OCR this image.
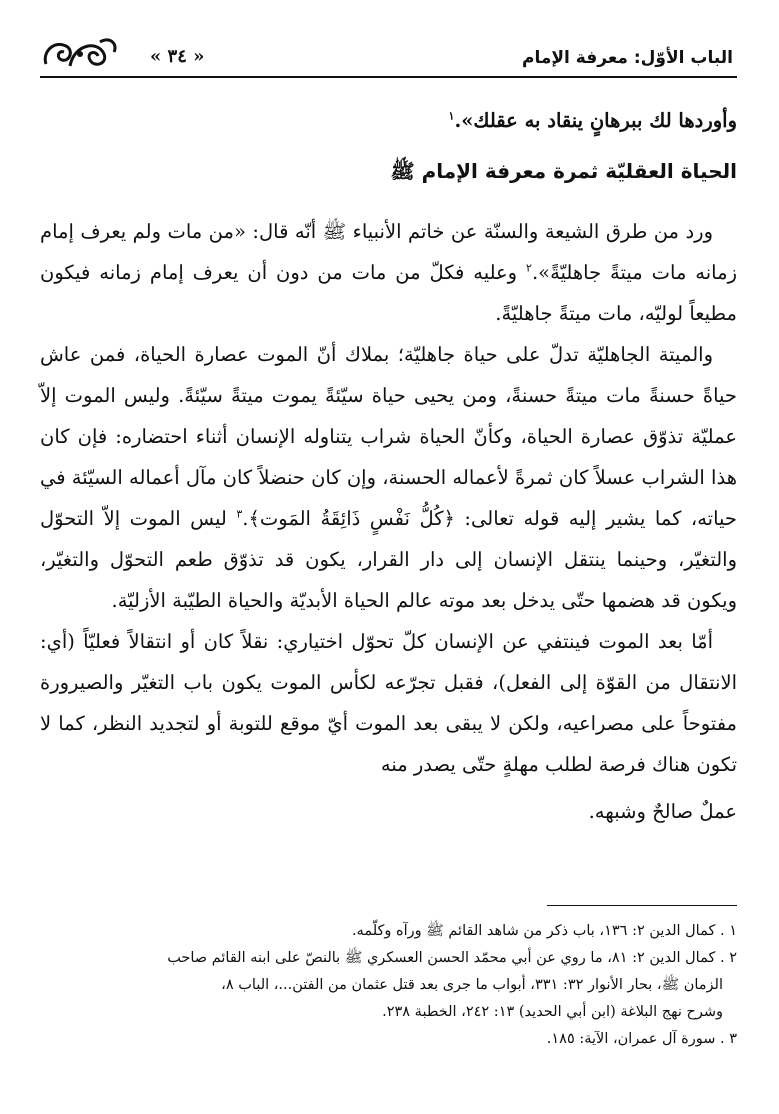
الباب الأوّل: معرفة الإمام
« ٣٤ »

وأوردها لك ببرهانٍ ينقاد به عقلك».$^١$

الحياة العقليّة ثمرة معرفة الإمام ﷺ

ورد من طرق الشيعة والسنّة عن خاتم الأنبياء ﷺ أنّه قال: «من مات ولم يعرف إمام زمانه مات ميتةً جاهليّةً».$^٢$ وعليه فكلّ من مات من دون أن يعرف إمام زمانه فيكون مطيعاً لوليّه، مات ميتةً جاهليّةً.

والميتة الجاهليّة تدلّ على حياة جاهليّة؛ بملاك أنّ الموت عصارة الحياة، فمن عاش حياةً حسنةً مات ميتةً حسنةً، ومن يحيى حياة سيّئةً يموت ميتةً سيّئةً. وليس الموت إلاّ عمليّة تذوّق عصارة الحياة، وكأنّ الحياة شراب يتناوله الإنسان أثناء احتضاره: فإن كان هذا الشراب عسلاً كان ثمرةً لأعماله الحسنة، وإن كان حنضلاً كان مآل أعماله السيّئة في حياته، كما يشير إليه قوله تعالى: ﴿كُلُّ نَفْسٍ ذَائِقَةُ المَوت﴾.$^٣$ ليس الموت إلاّ التحوّل والتغيّر، وحينما ينتقل الإنسان إلى دار القرار، يكون قد تذوّق طعم التحوّل والتغيّر، ويكون قد هضمها حتّى يدخل بعد موته عالم الحياة الأبديّة والحياة الطيّبة الأزليّة.

أمّا بعد الموت فينتفي عن الإنسان كلّ تحوّل اختياري: نقلاً كان أو انتقالاً فعليّاً (أي: الانتقال من القوّة إلى الفعل)، فقبل تجرّعه لكأس الموت يكون باب التغيّر والصيرورة مفتوحاً على مصراعيه، ولكن لا يبقى بعد الموت أيّ موقع للتوبة أو لتجديد النظر، كما لا تكون هناك فرصة لطلب مهلةٍ حتّى يصدر منه

عملٌ صالحٌ وشبهه.

١ . كمال الدين ٢: ١٣٦، باب ذكر من شاهد القائم ﷺ ورآه وكلّمه.

٢ . كمال الدين ٢: ٨١، ما روي عن أبي محمّد الحسن العسكري ﷺ بالنصّ على ابنه القائم صاحب

الزمان ﷺ، بحار الأنوار ٣٢: ٣٣١، أبواب ما جرى بعد قتل عثمان من الفتن...، الباب ٨،

وشرح نهج البلاغة (ابن أبي الحديد) ١٣: ٢٤٢، الخطبة ٢٣٨.

٣ . سورة آل عمران، الآية: ١٨٥.
